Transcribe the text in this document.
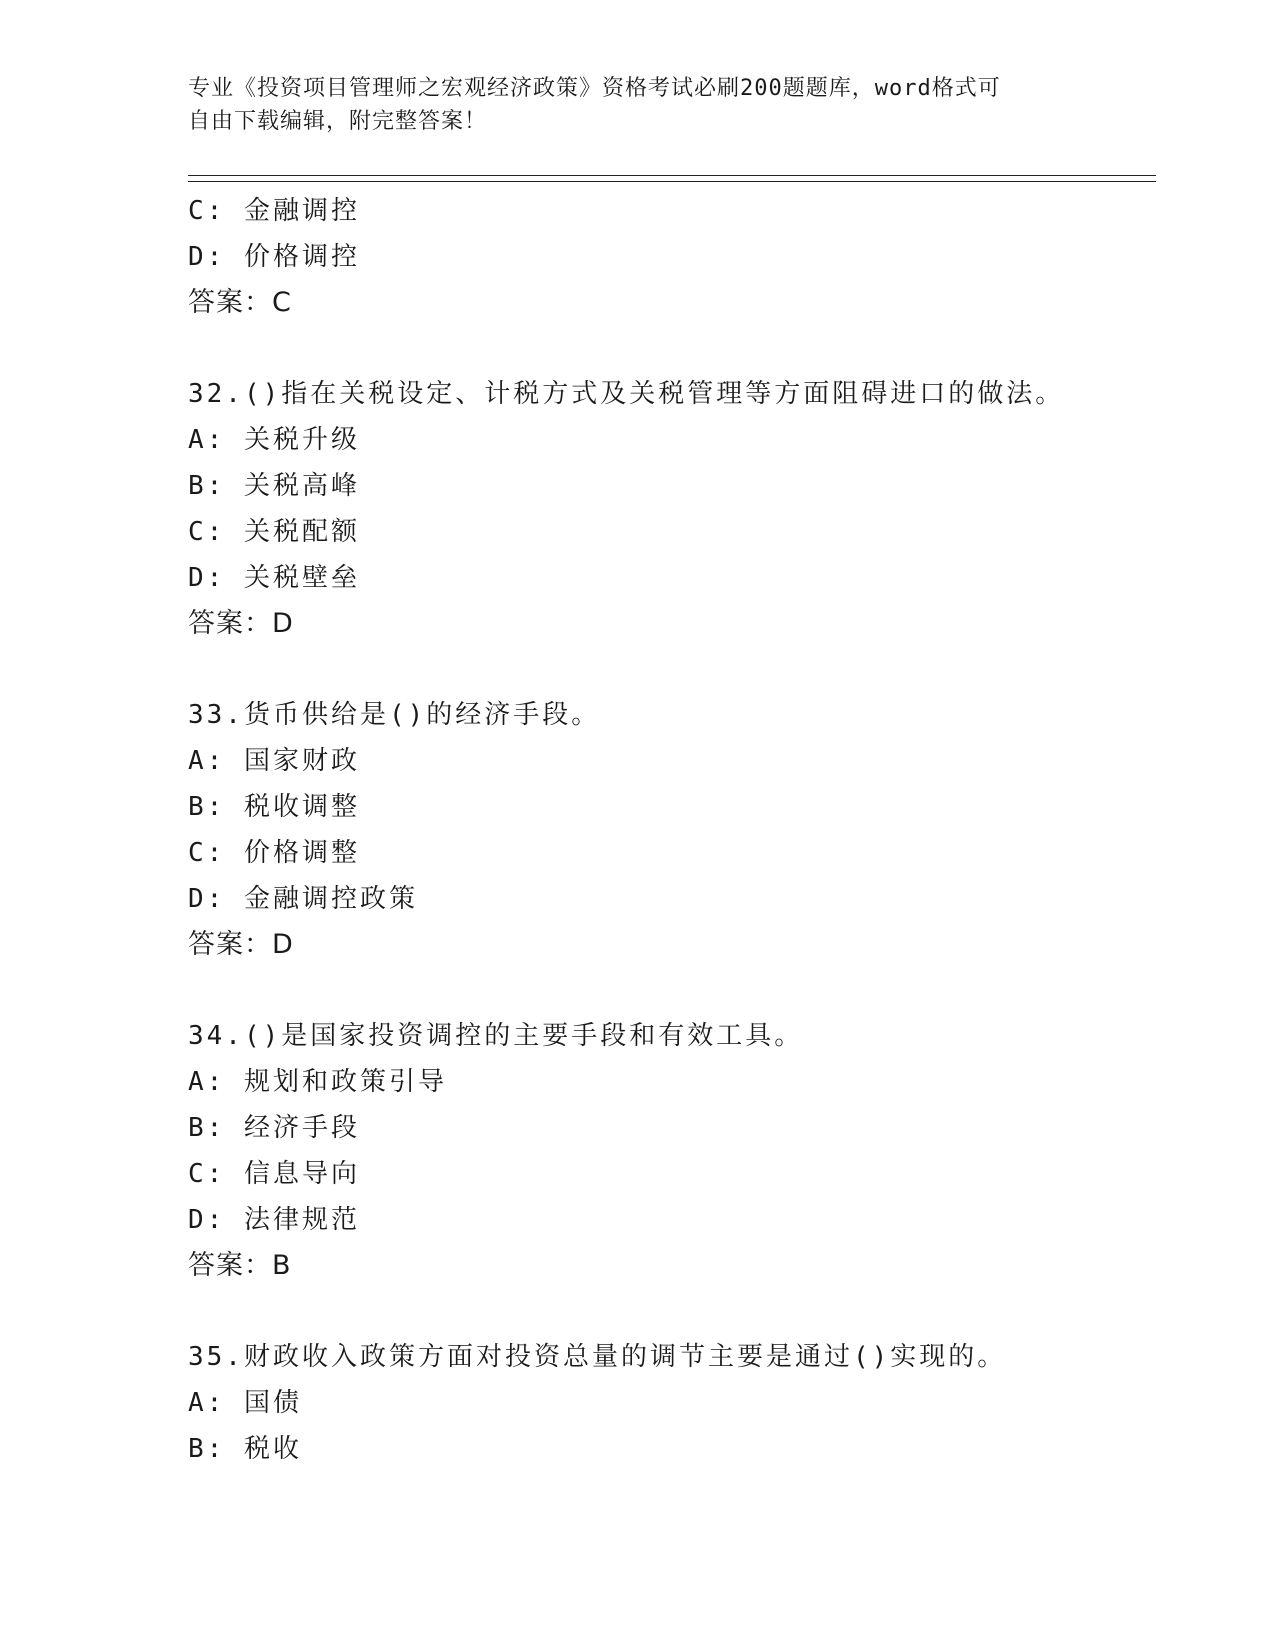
专业《投资项目管理师之宏观经济政策》资格考试必刷200题题库，word格式可
自由下载编辑，附完整答案！
C: 金融调控
D: 价格调控
答案：C
32.()指在关税设定、计税方式及关税管理等方面阻碍进口的做法。
A: 关税升级
B: 关税高峰
C: 关税配额
D: 关税壁垒
答案：D
33.货币供给是()的经济手段。
A: 国家财政
B: 税收调整
C: 价格调整
D: 金融调控政策
答案：D
34.()是国家投资调控的主要手段和有效工具。
A: 规划和政策引导
B: 经济手段
C: 信息导向
D: 法律规范
答案：B
35.财政收入政策方面对投资总量的调节主要是通过()实现的。
A: 国债
B: 税收
